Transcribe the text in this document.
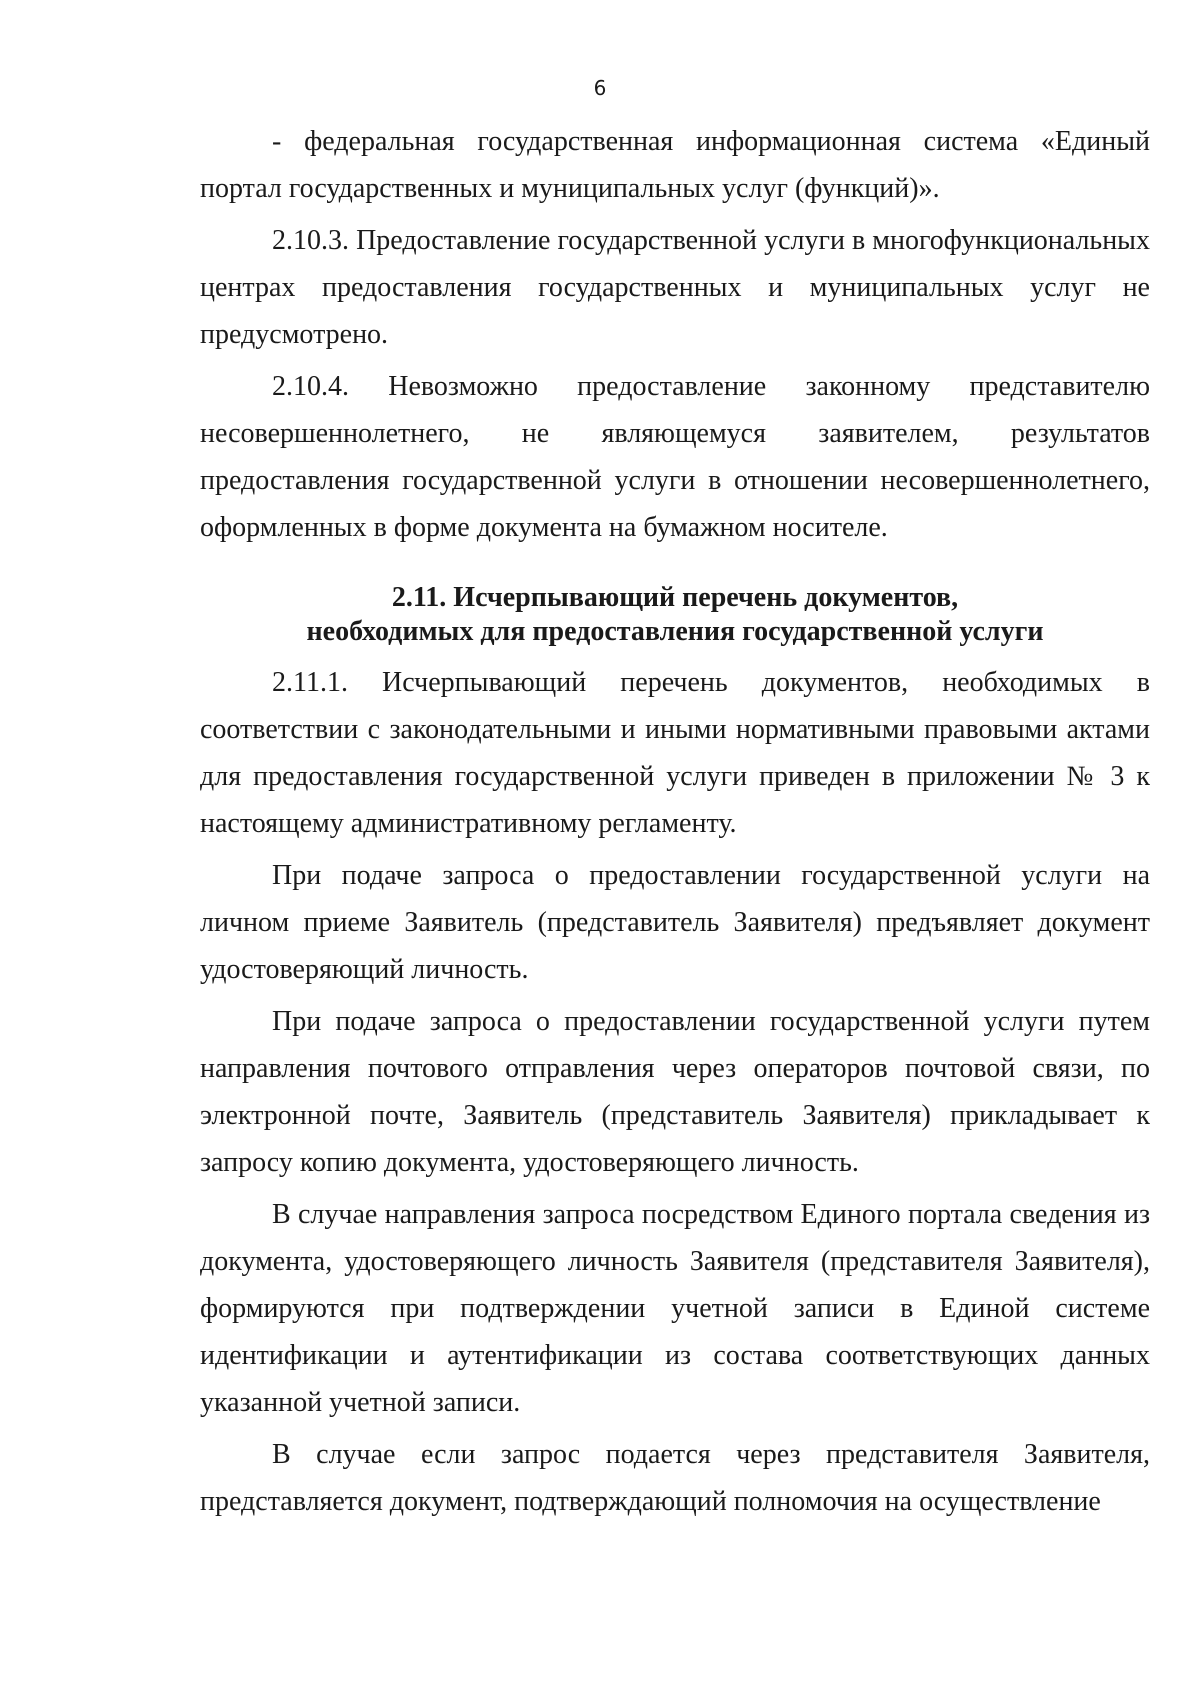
6

- федеральная государственная информационная система «Единый портал государственных и муниципальных услуг (функций)».

2.10.3. Предоставление государственной услуги в многофункциональных центрах предоставления государственных и муниципальных услуг не предусмотрено.

2.10.4. Невозможно предоставление законному представителю несовершеннолетнего, не являющемуся заявителем, результатов предоставления государственной услуги в отношении несовершеннолетнего, оформленных в форме документа на бумажном носителе.

2.11. Исчерпывающий перечень документов,
необходимых для предоставления государственной услуги

2.11.1. Исчерпывающий перечень документов, необходимых в соответствии с законодательными и иными нормативными правовыми актами для предоставления государственной услуги приведен в приложении № 3 к настоящему административному регламенту.

При подаче запроса о предоставлении государственной услуги на личном приеме Заявитель (представитель Заявителя) предъявляет документ удостоверяющий личность.

При подаче запроса о предоставлении государственной услуги путем направления почтового отправления через операторов почтовой связи, по электронной почте, Заявитель (представитель Заявителя) прикладывает к запросу копию документа, удостоверяющего личность.

В случае направления запроса посредством Единого портала сведения из документа, удостоверяющего личность Заявителя (представителя Заявителя), формируются при подтверждении учетной записи в Единой системе идентификации и аутентификации из состава соответствующих данных указанной учетной записи.

В случае если запрос подается через представителя Заявителя, представляется документ, подтверждающий полномочия на осуществление
